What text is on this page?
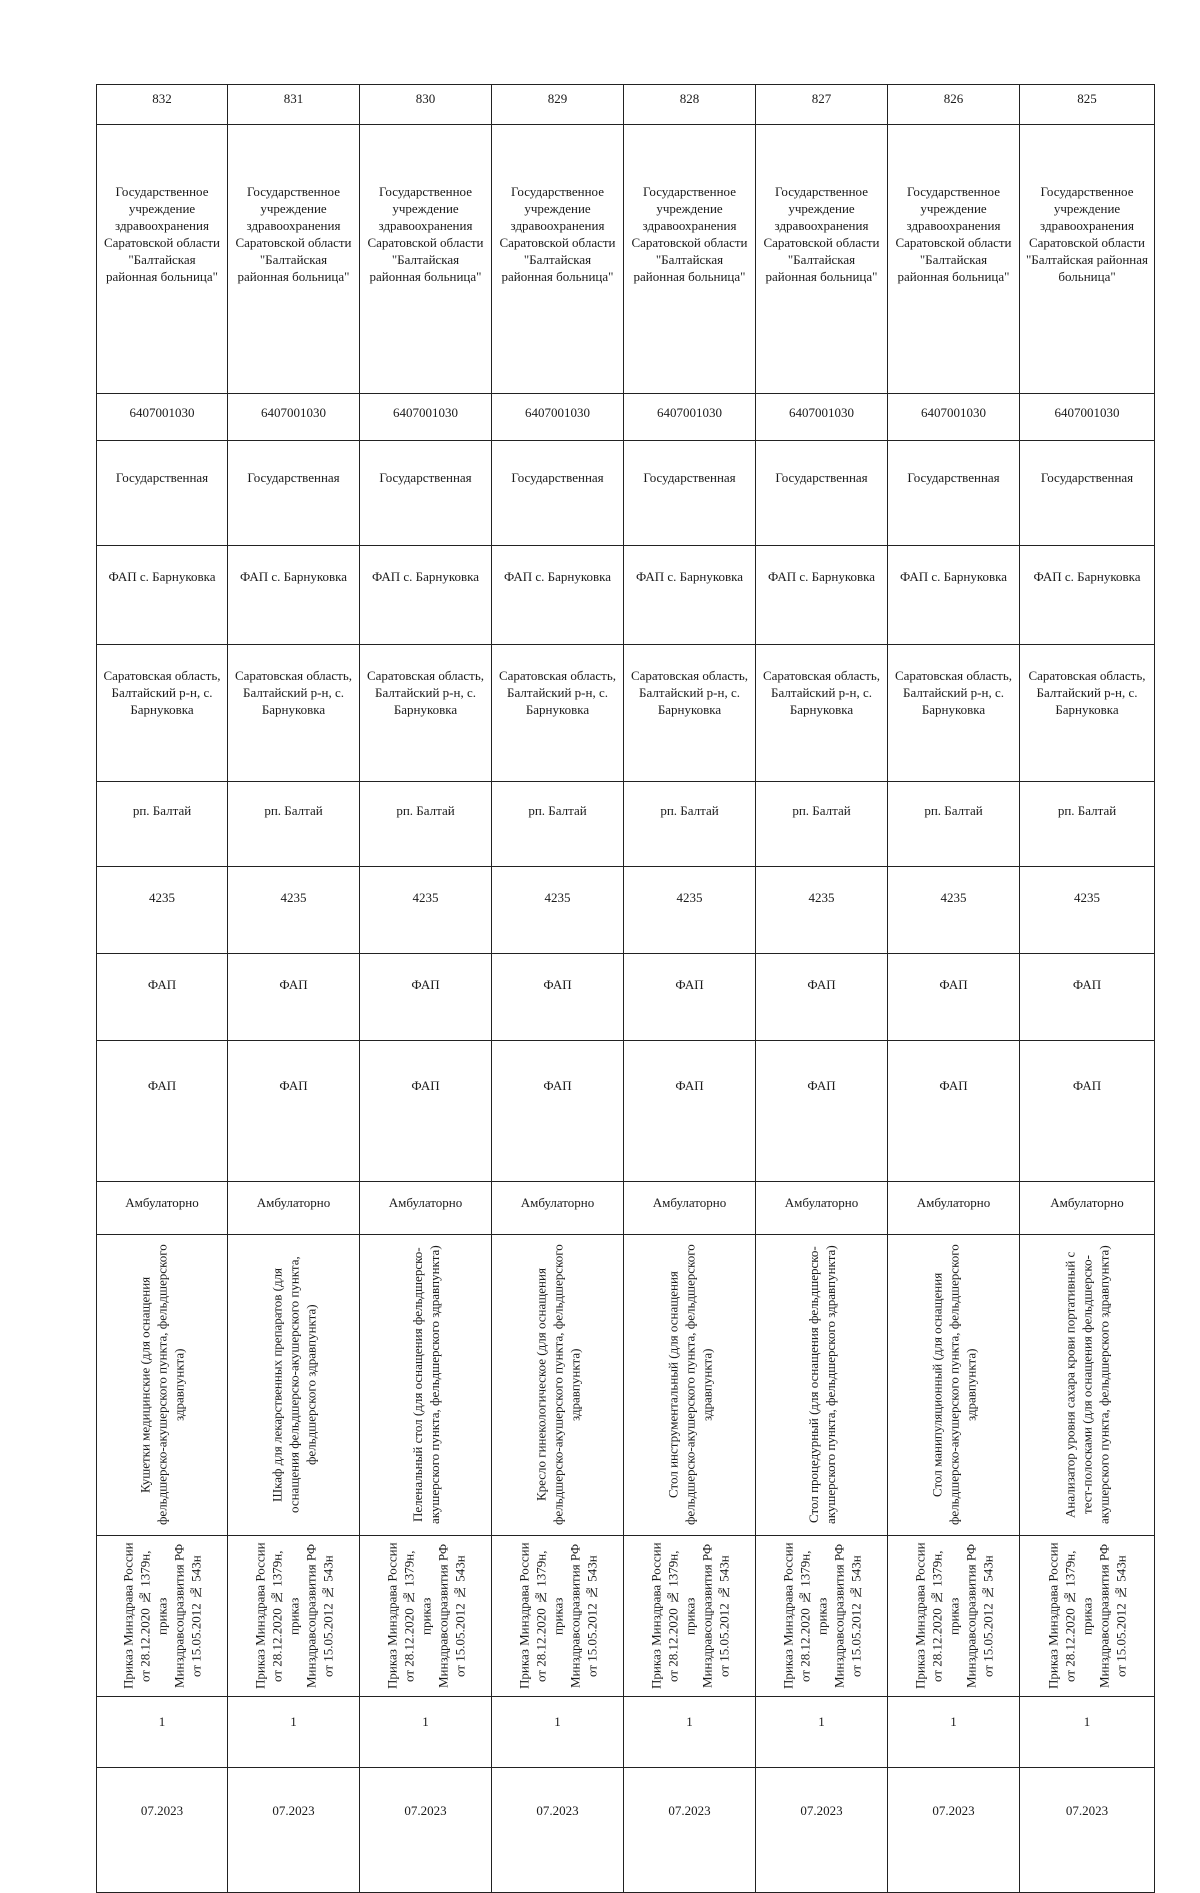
832	831	830	829	828	827	826	825
Государственное учреждение здравоохранения Саратовской области "Балтайская районная больница"	Государственное учреждение здравоохранения Саратовской области "Балтайская районная больница"	Государственное учреждение здравоохранения Саратовской области "Балтайская районная больница"	Государственное учреждение здравоохранения Саратовской области "Балтайская районная больница"	Государственное учреждение здравоохранения Саратовской области "Балтайская районная больница"	Государственное учреждение здравоохранения Саратовской области "Балтайская районная больница"	Государственное учреждение здравоохранения Саратовской области "Балтайская районная больница"	Государственное учреждение здравоохранения Саратовской области "Балтайская районная больница"
6407001030	6407001030	6407001030	6407001030	6407001030	6407001030	6407001030	6407001030
Государственная	Государственная	Государственная	Государственная	Государственная	Государственная	Государственная	Государственная
ФАП с. Барнуковка	ФАП с. Барнуковка	ФАП с. Барнуковка	ФАП с. Барнуковка	ФАП с. Барнуковка	ФАП с. Барнуковка	ФАП с. Барнуковка	ФАП с. Барнуковка
Саратовская область, Балтайский р-н, с. Барнуковка	Саратовская область, Балтайский р-н, с. Барнуковка	Саратовская область, Балтайский р-н, с. Барнуковка	Саратовская область, Балтайский р-н, с. Барнуковка	Саратовская область, Балтайский р-н, с. Барнуковка	Саратовская область, Балтайский р-н, с. Барнуковка	Саратовская область, Балтайский р-н, с. Барнуковка	Саратовская область, Балтайский р-н, с. Барнуковка
рп. Балтай	рп. Балтай	рп. Балтай	рп. Балтай	рп. Балтай	рп. Балтай	рп. Балтай	рп. Балтай
4235	4235	4235	4235	4235	4235	4235	4235
ФАП	ФАП	ФАП	ФАП	ФАП	ФАП	ФАП	ФАП
ФАП	ФАП	ФАП	ФАП	ФАП	ФАП	ФАП	ФАП
Амбулаторно	Амбулаторно	Амбулаторно	Амбулаторно	Амбулаторно	Амбулаторно	Амбулаторно	Амбулаторно

Кушетки медицинские (для оснащения фельдшерско-акушерского пункта, фельдшерского здравпункта)	Шкаф для лекарственных препаратов (для оснащения фельдшерско-акушерского пункта, фельдшерского здравпункта)	Пеленальный стол (для оснащения фельдшерско-акушерского пункта, фельдшерского здравпункта)	Кресло гинекологическое (для оснащения фельдшерско-акушерского пункта, фельдшерского здравпункта)	Стол инструментальный (для оснащения фельдшерско-акушерского пункта, фельдшерского здравпункта)	Стол процедурный (для оснащения фельдшерско-акушерского пункта, фельдшерского здравпункта)	Стол манипуляционный (для оснащения фельдшерско-акушерского пункта, фельдшерского здравпункта)	Анализатор уровня сахара крови портативный с тест-полосками (для оснащения фельдшерско-акушерского пункта, фельдшерского здравпункта)

Приказ Минздрава России от 28.12.2020 № 1379н, приказ Минздравсоцразвития РФ от 15.05.2012 № 543н	Приказ Минздрава России от 28.12.2020 № 1379н, приказ Минздравсоцразвития РФ от 15.05.2012 № 543н	Приказ Минздрава России от 28.12.2020 № 1379н, приказ Минздравсоцразвития РФ от 15.05.2012 № 543н	Приказ Минздрава России от 28.12.2020 № 1379н, приказ Минздравсоцразвития РФ от 15.05.2012 № 543н	Приказ Минздрава России от 28.12.2020 № 1379н, приказ Минздравсоцразвития РФ от 15.05.2012 № 543н	Приказ Минздрава России от 28.12.2020 № 1379н, приказ Минздравсоцразвития РФ от 15.05.2012 № 543н	Приказ Минздрава России от 28.12.2020 № 1379н, приказ Минздравсоцразвития РФ от 15.05.2012 № 543н	Приказ Минздрава России от 28.12.2020 № 1379н, приказ Минздравсоцразвития РФ от 15.05.2012 № 543н

1	1	1	1	1	1	1	1
07.2023	07.2023	07.2023	07.2023	07.2023	07.2023	07.2023	07.2023
